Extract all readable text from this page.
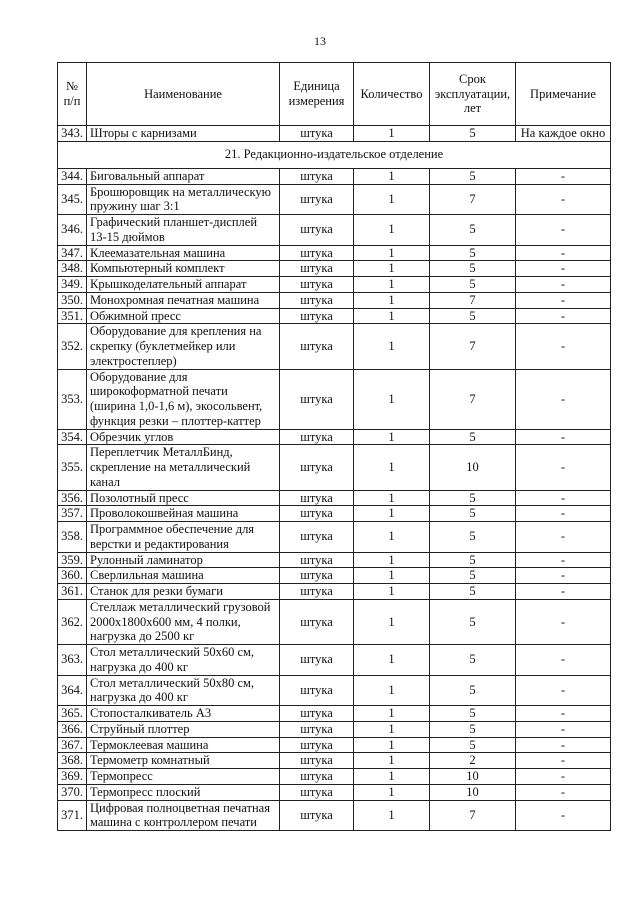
13
№ п/п	Наименование	Единица измерения	Количество	Срок эксплуатации, лет	Примечание
343.	Шторы с карнизами	штука	1	5	На каждое окно
21. Редакционно-издательское отделение					
344.	Биговальный аппарат	штука	1	5	-
345.	Брошюровщик на металлическую пружину шаг 3:1	штука	1	7	-
346.	Графический планшет-дисплей 13-15 дюймов	штука	1	5	-
347.	Клеемазательная машина	штука	1	5	-
348.	Компьютерный комплект	штука	1	5	-
349.	Крышкоделательный аппарат	штука	1	5	-
350.	Монохромная печатная машина	штука	1	7	-
351.	Обжимной пресс	штука	1	5	-
352.	Оборудование для крепления на скрепку (буклетмейкер или электростеплер)	штука	1	7	-
353.	Оборудование для широкоформатной печати (ширина 1,0-1,6 м), экосольвент, функция резки – плоттер-каттер	штука	1	7	-
354.	Обрезчик углов	штука	1	5	-
355.	Переплетчик МеталлБинд, скрепление на металлический канал	штука	1	10	-
356.	Позолотный пресс	штука	1	5	-
357.	Проволокошвейная машина	штука	1	5	-
358.	Программное обеспечение для верстки и редактирования	штука	1	5	-
359.	Рулонный ламинатор	штука	1	5	-
360.	Сверлильная машина	штука	1	5	-
361.	Станок для резки бумаги	штука	1	5	-
362.	Стеллаж металлический грузовой 2000x1800x600 мм, 4 полки, нагрузка до 2500 кг	штука	1	5	-
363.	Стол металлический 50x60 см, нагрузка до 400 кг	штука	1	5	-
364.	Стол металлический 50x80 см, нагрузка до 400 кг	штука	1	5	-
365.	Стопосталкиватель А3	штука	1	5	-
366.	Струйный плоттер	штука	1	5	-
367.	Термоклеевая машина	штука	1	5	-
368.	Термометр комнатный	штука	1	2	-
369.	Термопресс	штука	1	10	-
370.	Термопресс плоский	штука	1	10	-
371.	Цифровая полноцветная печатная машина с контроллером печати	штука	1	7	-
